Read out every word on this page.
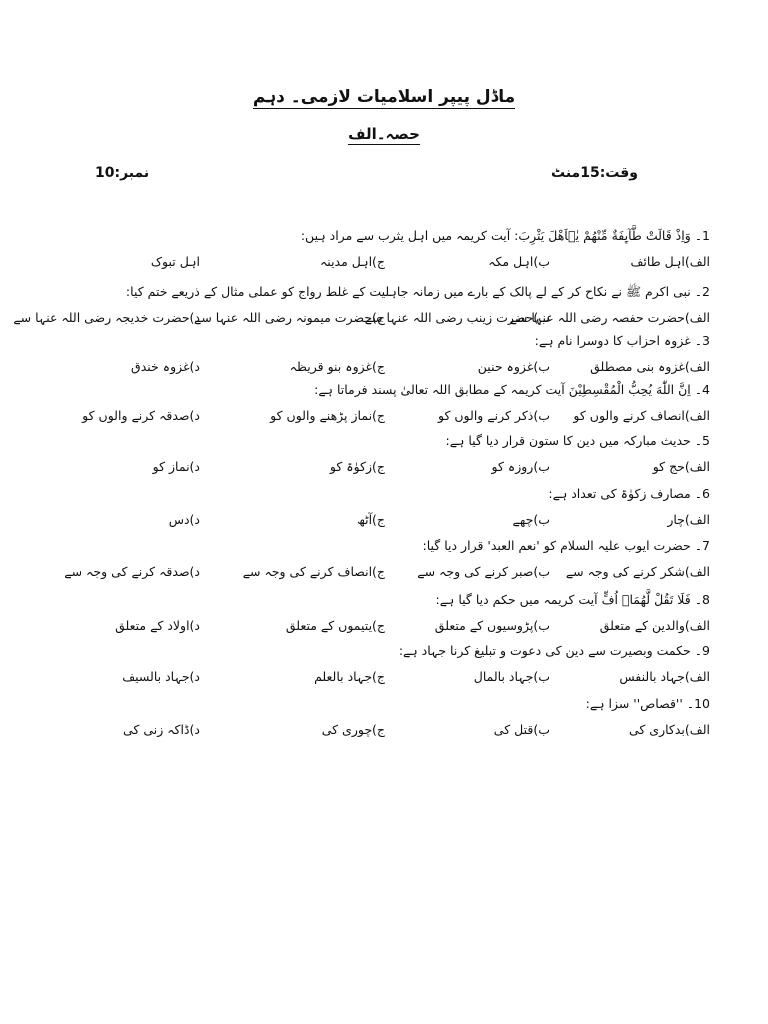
ماڈل پیپر اسلامیات لازمی۔ دہم
حصہ۔الف
وقت:15منٹ
نمبر:10
1۔ وَاِذْ قَالَتْ طَّآىِٕفَةٌ مِّنْهُمْ یٰۤاَهْلَ یَثْرِبَ: آیت کریمہ میں اہل یثرب سے مراد ہیں:
الف)اہل طائف
ب)اہل مکہ
ج)اہل مدینہ
اہل تبوک
2۔ نبی اکرم ﷺ نے نکاح کر کے لے پالک کے بارے میں زمانہ جاہلیت کے غلط رواج کو عملی مثال کے ذریعے ختم کیا:
الف)حضرت حفصہ رضی اللہ عنہا سے
ب)حضرت زینب رضی اللہ عنہا سے
ج)حضرت میمونہ رضی اللہ عنہا سے
د)حضرت خدیجہ رضی اللہ عنہا سے
3۔ غزوہ احزاب کا دوسرا نام ہے:
الف)غزوہ بنی مصطلق
ب)غزوہ حنین
ج)غزوہ بنو قریظہ
د)غزوہ خندق
4۔ اِنَّ اللّٰهَ یُحِبُّ الْمُقْسِطِیْنَ آیت کریمہ کے مطابق اللہ تعالیٰ پسند فرماتا ہے:
الف)انصاف کرنے والوں کو
ب)ذکر کرنے والوں کو
ج)نماز پڑھنے والوں کو
د)صدقہ کرنے والوں کو
5۔ حدیث مبارکہ میں دین کا ستون قرار دیا گیا ہے:
الف)حج کو
ب)روزہ کو
ج)زکوٰۃ کو
د)نماز کو
6۔ مصارف زکوٰۃ کی تعداد ہے:
الف)چار
ب)چھے
ج)آٹھ
د)دس
7۔ حضرت ایوب علیہ السلام کو 'نعم العبد' قرار دیا گیا:
الف)شکر کرنے کی وجہ سے
ب)صبر کرنے کی وجہ سے
ج)انصاف کرنے کی وجہ سے
د)صدقہ کرنے کی وجہ سے
8۔ فَلَا تَقُلْ لَّهُمَاۤ اُفٍّ آیت کریمہ میں حکم دیا گیا ہے:
الف)والدین کے متعلق
ب)پڑوسیوں کے متعلق
ج)یتیموں کے متعلق
د)اولاد کے متعلق
9۔ حکمت وبصیرت سے دین کی دعوت و تبلیغ کرنا جہاد ہے:
الف)جہاد بالنفس
ب)جہاد بالمال
ج)جہاد بالعلم
د)جہاد بالسیف
10۔ ''قصاص'' سزا ہے:
الف)بدکاری کی
ب)قتل کی
ج)چوری کی
د)ڈاکہ زنی کی
